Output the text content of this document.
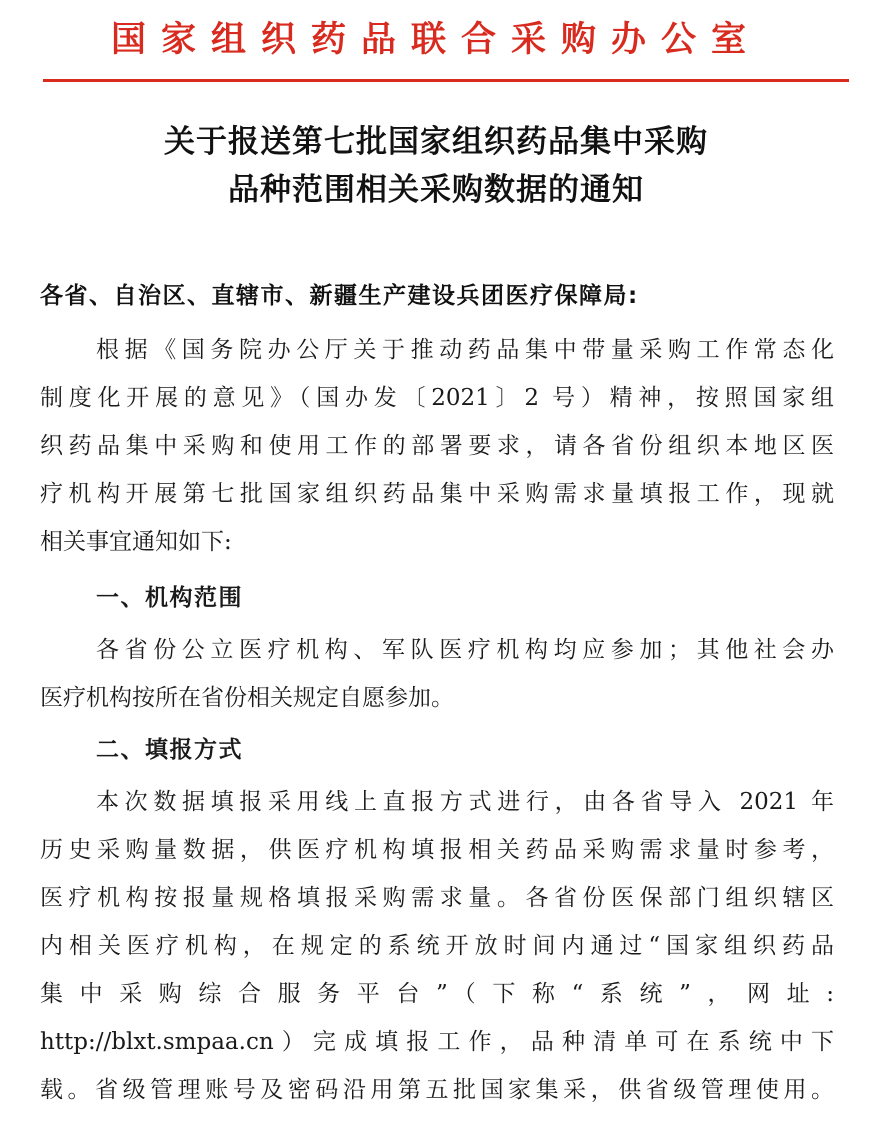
国家组织药品联合采购办公室
关于报送第七批国家组织药品集中采购
品种范围相关采购数据的通知
各省、自治区、直辖市、新疆生产建设兵团医疗保障局:
根据《国务院办公厅关于推动药品集中带量采购工作常态化
制度化开展的意见》（国办发〔2021〕2 号）精神，按照国家组
织药品集中采购和使用工作的部署要求，请各省份组织本地区医
疗机构开展第七批国家组织药品集中采购需求量填报工作，现就
相关事宜通知如下:
一、机构范围
各省份公立医疗机构、军队医疗机构均应参加；其他社会办
医疗机构按所在省份相关规定自愿参加。
二、填报方式
本次数据填报采用线上直报方式进行，由各省导入 2021 年
历史采购量数据，供医疗机构填报相关药品采购需求量时参考，
医疗机构按报量规格填报采购需求量。各省份医保部门组织辖区
内相关医疗机构，在规定的系统开放时间内通过“国家组织药品
集中采购综合服务平台”（下称“系统”，网址:
http://blxt.smpaa.cn）完成填报工作，品种清单可在系统中下
载。省级管理账号及密码沿用第五批国家集采，供省级管理使用。
